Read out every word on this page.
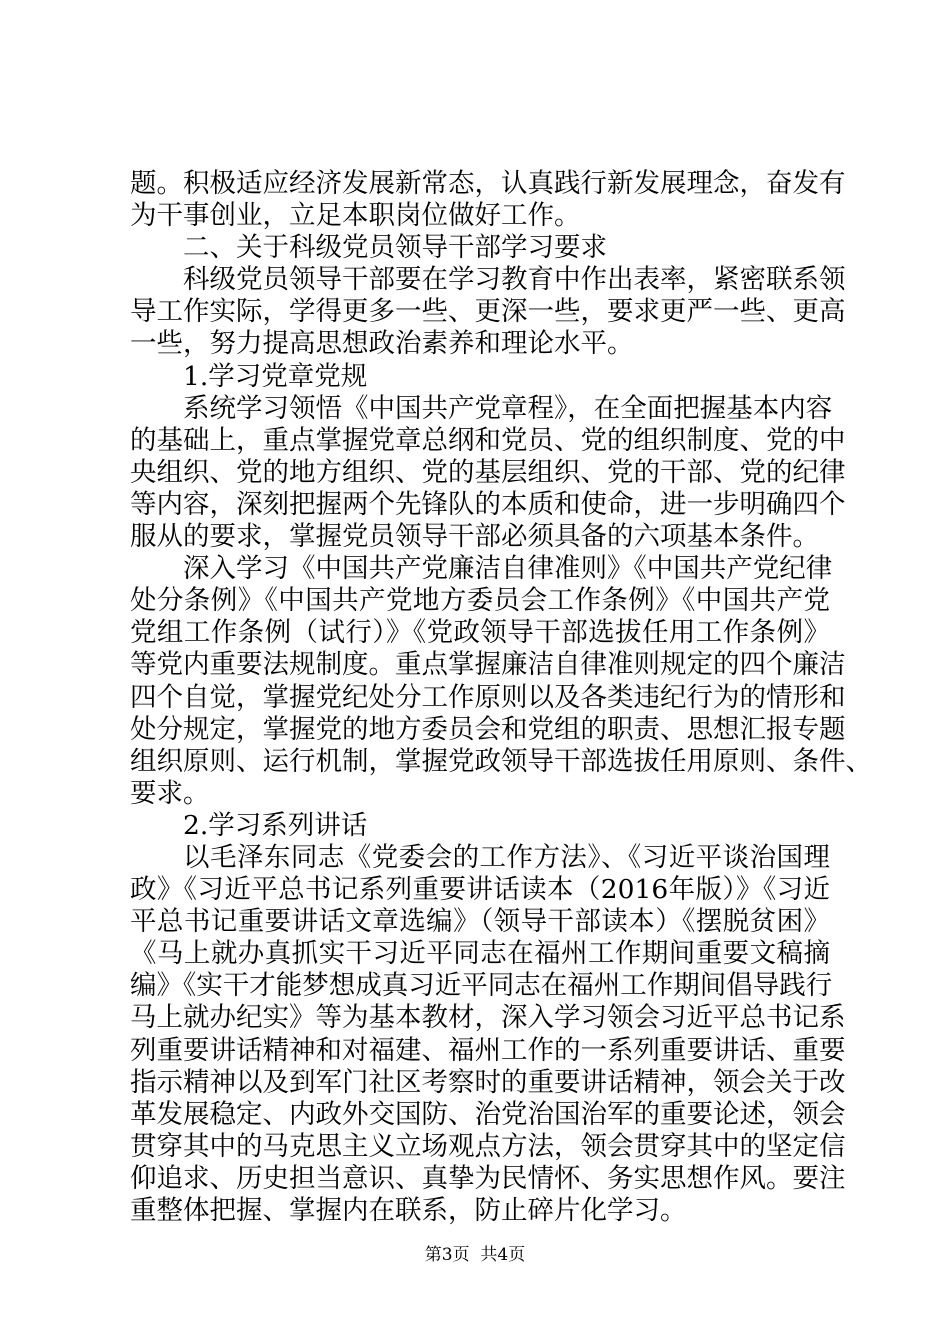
题。积极适应经济发展新常态，认真践行新发展理念，奋发有
为干事创业，立足本职岗位做好工作。
二、关于科级党员领导干部学习要求
科级党员领导干部要在学习教育中作出表率，紧密联系领
导工作实际，学得更多一些、更深一些，要求更严一些、更高
一些，努力提高思想政治素养和理论水平。
1.学习党章党规
系统学习领悟《中国共产党章程》，在全面把握基本内容
的基础上，重点掌握党章总纲和党员、党的组织制度、党的中
央组织、党的地方组织、党的基层组织、党的干部、党的纪律
等内容，深刻把握两个先锋队的本质和使命，进一步明确四个
服从的要求，掌握党员领导干部必须具备的六项基本条件。
深入学习《中国共产党廉洁自律准则》《中国共产党纪律
处分条例》《中国共产党地方委员会工作条例》《中国共产党
党组工作条例（试行）》《党政领导干部选拔任用工作条例》
等党内重要法规制度。重点掌握廉洁自律准则规定的四个廉洁
四个自觉，掌握党纪处分工作原则以及各类违纪行为的情形和
处分规定，掌握党的地方委员会和党组的职责、思想汇报专题
组织原则、运行机制，掌握党政领导干部选拔任用原则、条件、
要求。
2.学习系列讲话
以毛泽东同志《党委会的工作方法》、《习近平谈治国理
政》《习近平总书记系列重要讲话读本（2016年版）》《习近
平总书记重要讲话文章选编》（领导干部读本）《摆脱贫困》
《马上就办真抓实干习近平同志在福州工作期间重要文稿摘
编》《实干才能梦想成真习近平同志在福州工作期间倡导践行
马上就办纪实》等为基本教材，深入学习领会习近平总书记系
列重要讲话精神和对福建、福州工作的一系列重要讲话、重要
指示精神以及到军门社区考察时的重要讲话精神，领会关于改
革发展稳定、内政外交国防、治党治国治军的重要论述，领会
贯穿其中的马克思主义立场观点方法，领会贯穿其中的坚定信
仰追求、历史担当意识、真挚为民情怀、务实思想作风。要注
重整体把握、掌握内在联系，防止碎片化学习。
第3页  共4页
